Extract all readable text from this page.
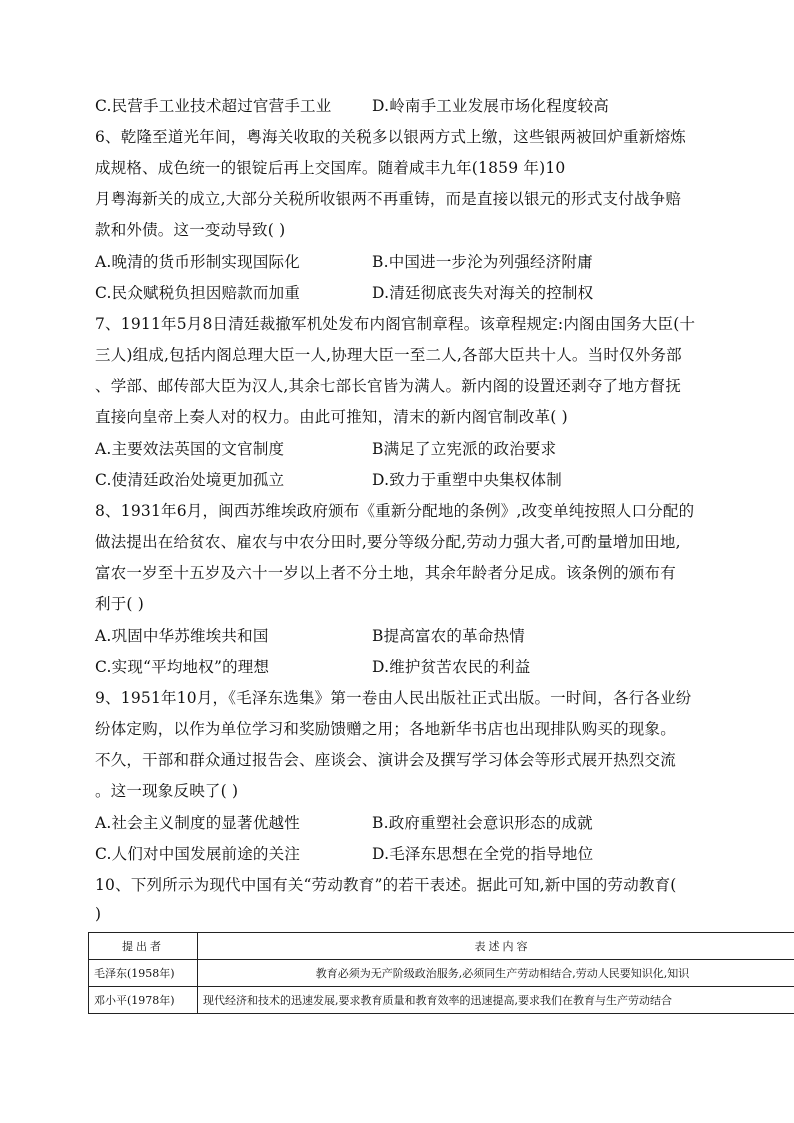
C.民营手工业技术超过官营手工业	D.岭南手工业发展市场化程度较高
6、乾隆至道光年间，粤海关收取的关税多以银两方式上缴，这些银两被回炉重新熔炼
成规格、成色统一的银锭后再上交国库。随着咸丰九年(1859 年)10
月粤海新关的成立,大部分关税所收银两不再重铸，而是直接以银元的形式支付战争赔
款和外债。这一变动导致( )
A.晚清的货币形制实现国际化	B.中国进一步沦为列强经济附庸
C.民众赋税负担因赔款而加重	D.清廷彻底丧失对海关的控制权
7、1911年5月8日清廷裁撤军机处发布内阁官制章程。该章程规定:内阁由国务大臣(十
三人)组成,包括内阁总理大臣一人,协理大臣一至二人,各部大臣共十人。当时仅外务部
、学部、邮传部大臣为汉人,其余七部长官皆为满人。新内阁的设置还剥夺了地方督抚
直接向皇帝上奏人对的权力。由此可推知，清末的新内阁官制改革( )
A.主要效法英国的文官制度	B满足了立宪派的政治要求
C.使清廷政治处境更加孤立	D.致力于重塑中央集权体制
8、1931年6月，闽西苏维埃政府颁布《重新分配地的条例》,改变单纯按照人口分配的
做法提出在给贫农、雇农与中农分田时,要分等级分配,劳动力强大者,可酌量增加田地,
富农一岁至十五岁及六十一岁以上者不分土地，其余年龄者分足成。该条例的颁布有
利于( )
A.巩固中华苏维埃共和国	B提高富农的革命热情
C.实现“平均地权”的理想	D.维护贫苦农民的利益
9、1951年10月，《毛泽东选集》第一卷由人民出版社正式出版。一时间，各行各业纷
纷体定购，以作为单位学习和奖励馈赠之用；各地新华书店也出现排队购买的现象。
不久，干部和群众通过报告会、座谈会、演讲会及撰写学习体会等形式展开热烈交流
。这一现象反映了( )
A.社会主义制度的显著优越性	B.政府重塑社会意识形态的成就
C.人们对中国发展前途的关注	D.毛泽东思想在全党的指导地位
10、下列所示为现代中国有关“劳动教育”的若干表述。据此可知,新中国的劳动教育(
)
提出者	表述内容
毛泽东(1958年)	教育必须为无产阶级政治服务,必须同生产劳动相结合,劳动人民要知识化,知识
邓小平(1978年)	现代经济和技术的迅速发展,要求教育质量和教育效率的迅速提高,要求我们在教育与生产劳动结合
